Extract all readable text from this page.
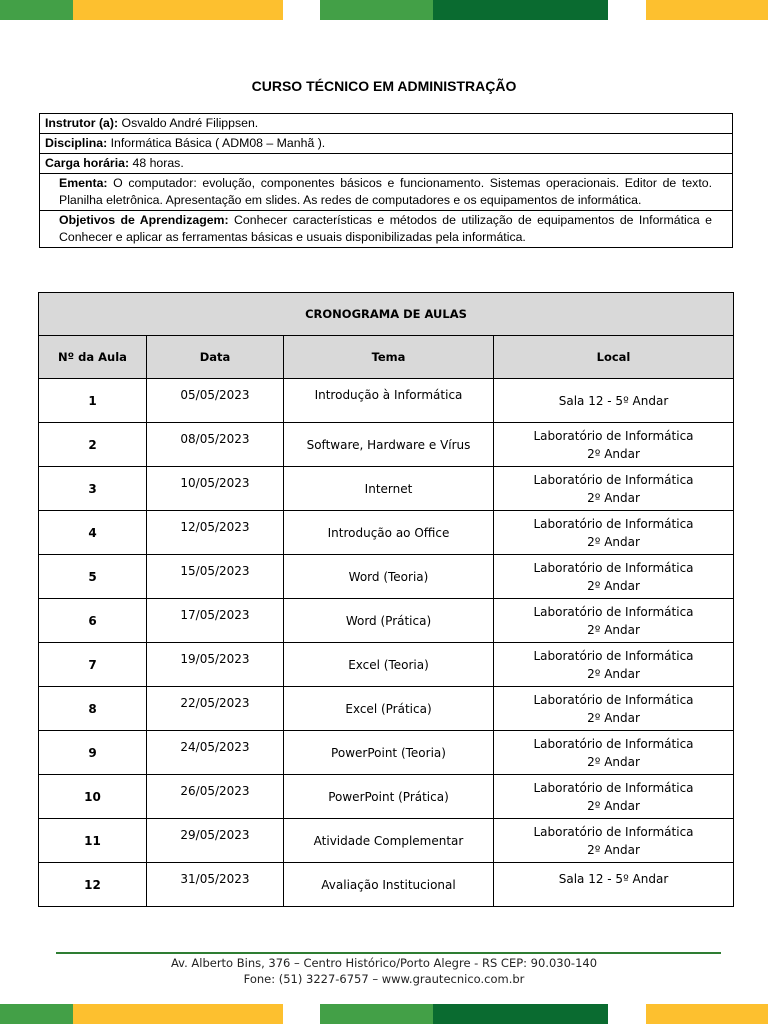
CURSO TÉCNICO EM ADMINISTRAÇÃO
Instrutor (a): Osvaldo André Filippsen.
Disciplina: Informática Básica ( ADM08 – Manhã ).
Carga horária: 48 horas.
Ementa: O computador: evolução, componentes básicos e funcionamento. Sistemas operacionais. Editor de texto. Planilha eletrônica. Apresentação em slides. As redes de computadores e os equipamentos de informática.
Objetivos de Aprendizagem: Conhecer características e métodos de utilização de equipamentos de Informática e Conhecer e aplicar as ferramentas básicas e usuais disponibilizadas pela informática.
CRONOGRAMA DE AULAS			
Nº da Aula	Data	Tema	Local
1	05/05/2023	Introdução à Informática	Sala 12 - 5º Andar

2	08/05/2023	Software, Hardware e Vírus	Laboratório de Informática
2º Andar

3	10/05/2023	Internet	Laboratório de Informática
2º Andar

4	12/05/2023	Introdução ao Office	Laboratório de Informática
2º Andar

5	15/05/2023	Word (Teoria)	Laboratório de Informática
2º Andar

6	17/05/2023	Word (Prática)	Laboratório de Informática
2º Andar

7	19/05/2023	Excel (Teoria)	Laboratório de Informática
2º Andar

8	22/05/2023	Excel (Prática)	Laboratório de Informática
2º Andar

9	24/05/2023	PowerPoint (Teoria)	Laboratório de Informática
2º Andar

10	26/05/2023	PowerPoint (Prática)	Laboratório de Informática
2º Andar

11	29/05/2023	Atividade Complementar	Laboratório de Informática
2º Andar

12	31/05/2023	Avaliação Institucional	Sala 12 - 5º Andar
Av. Alberto Bins, 376 – Centro Histórico/Porto Alegre - RS CEP: 90.030-140
Fone: (51) 3227-6757 – www.grautecnico.com.br
